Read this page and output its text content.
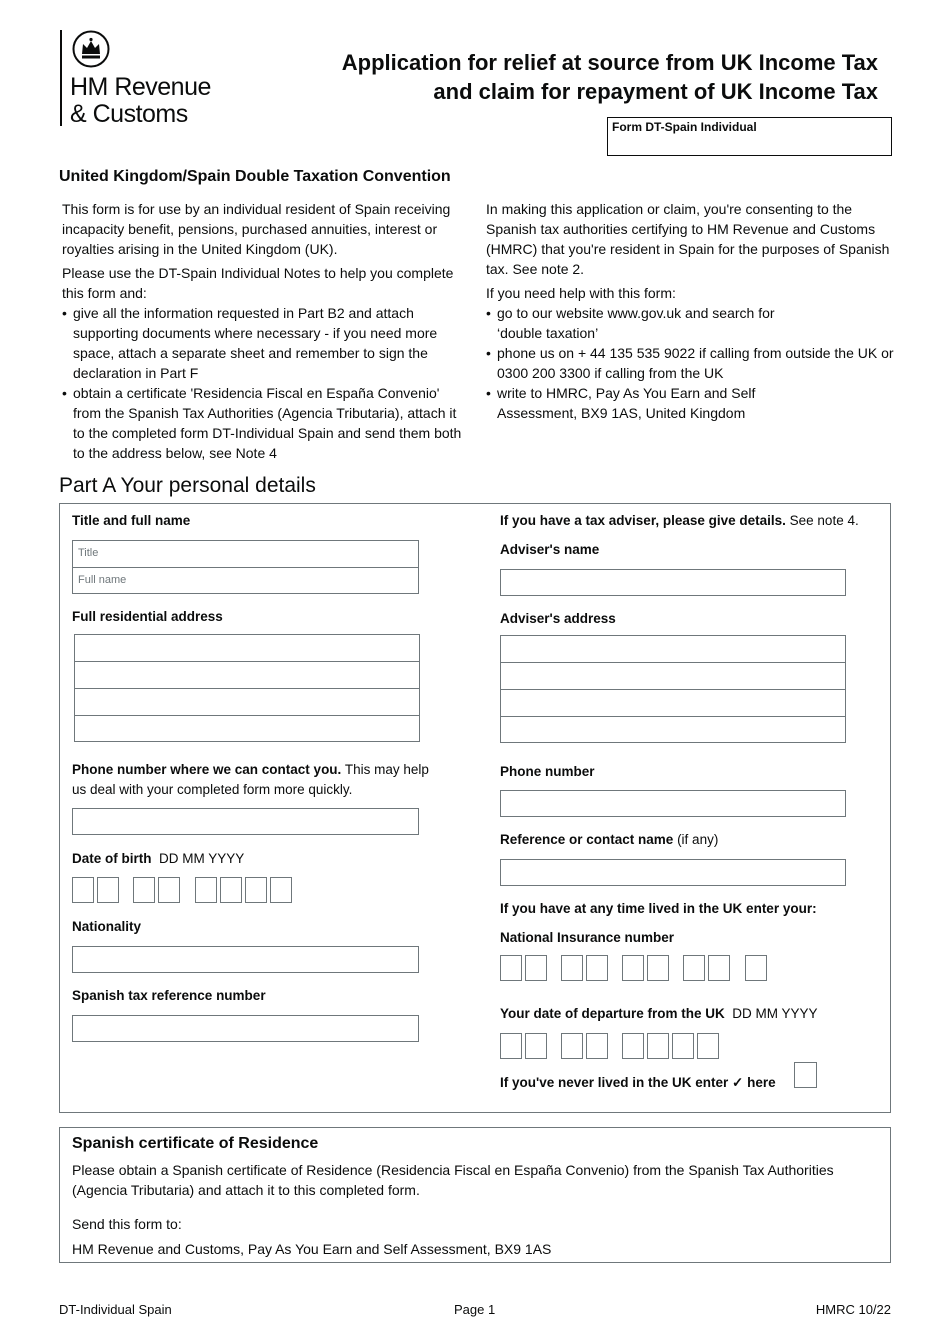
HM Revenue
& Customs
Application for relief at source from UK Income Tax
and claim for repayment of UK Income Tax
Form DT-Spain Individual
United Kingdom/Spain Double Taxation Convention

This form is for use by an individual resident of Spain receiving incapacity benefit, pensions, purchased annuities, interest or royalties arising in the United Kingdom (UK).

Please use the DT-Spain Individual Notes to help you complete this form and:

• give all the information requested in Part B2 and attach supporting documents where necessary - if you need more space, attach a separate sheet and remember to sign the declaration in Part F
• obtain a certificate 'Residencia Fiscal en España Convenio' from the Spanish Tax Authorities (Agencia Tributaria), attach it to the completed form DT-Individual Spain and send them both to the address below, see Note 4

In making this application or claim, you're consenting to the Spanish tax authorities certifying to HM Revenue and Customs (HMRC) that you're resident in Spain for the purposes of Spanish tax. See note 2.

If you need help with this form:

• go to our website www.gov.uk and search for ‘double taxation’
• phone us on + 44 135 535 9022 if calling from outside the UK or 0300 200 3300 if calling from the UK
• write to HMRC, Pay As You Earn and Self Assessment, BX9 1AS, United Kingdom
Part A Your personal details
Title and full name
Title
Full name
Full residential address
Phone number where we can contact you. This may help us deal with your completed form more quickly.
Date of birth DD MM YYYY
Nationality
Spanish tax reference number
If you have a tax adviser, please give details. See note 4.
Adviser's name
Adviser's address
Phone number
Reference or contact name (if any)
If you have at any time lived in the UK enter your:
National Insurance number
Your date of departure from the UK DD MM YYYY
If you've never lived in the UK enter ✓ here
Spanish certificate of Residence
Please obtain a Spanish certificate of Residence (Residencia Fiscal en España Convenio) from the Spanish Tax Authorities (Agencia Tributaria) and attach it to this completed form.
Send this form to:
HM Revenue and Customs, Pay As You Earn and Self Assessment, BX9 1AS
DT-Individual Spain	Page 1	HMRC 10/22
